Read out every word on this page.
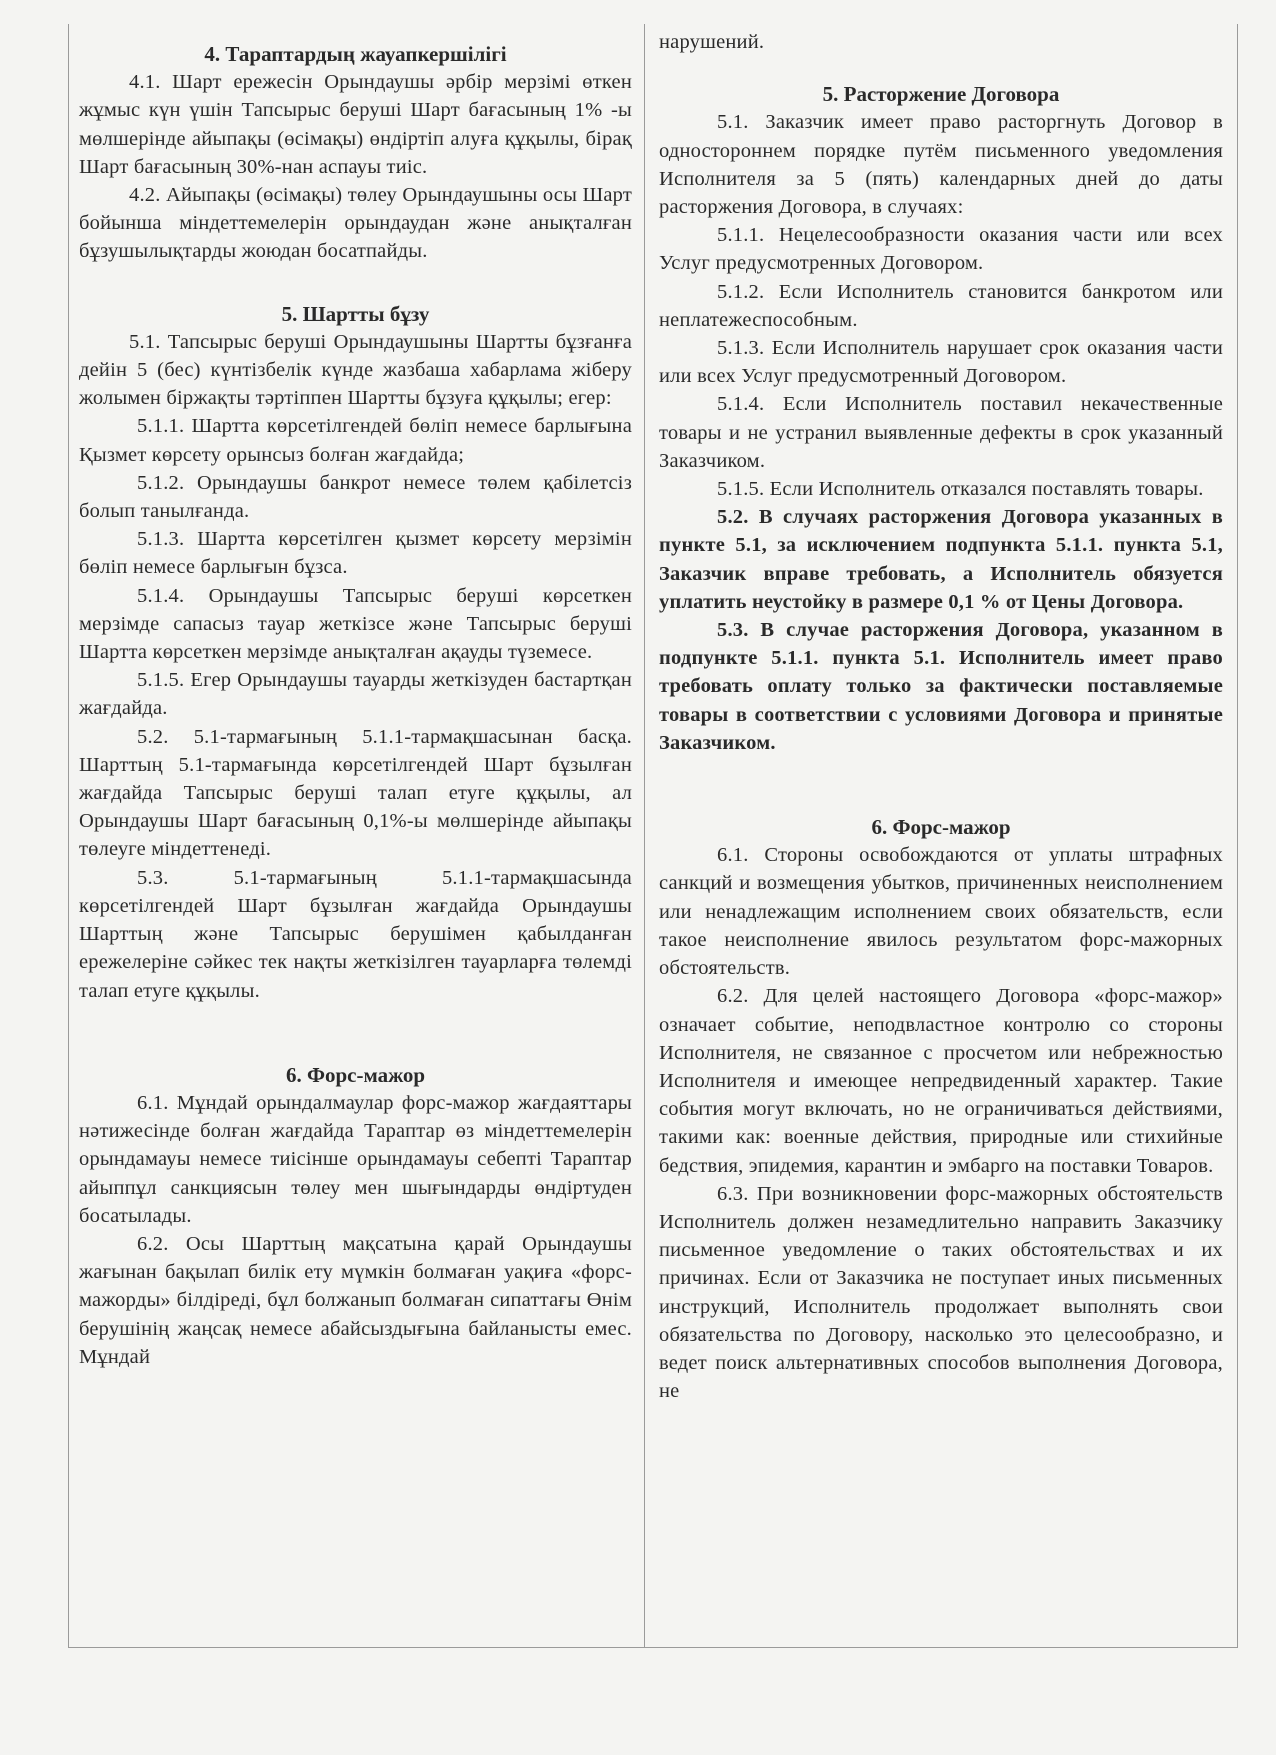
4. Тараптардың жауапкершілігі

4.1. Шарт ережесін Орындаушы әрбір мерзімі өткен жұмыс күн үшін Тапсырыс беруші Шарт бағасының 1% -ы мөлшерінде айыпақы (өсімақы) өндіртіп алуға құқылы, бірақ Шарт бағасының 30%-нан аспауы тиіс.

4.2. Айыпақы (өсімақы) төлеу Орындаушыны осы Шарт бойынша міндеттемелерін орындаудан және анықталған бұзушылықтарды жоюдан босатпайды.

5. Шартты бұзу

5.1. Тапсырыс беруші Орындаушыны Шартты бұзғанға дейін 5 (бес) күнтізбелік күнде жазбаша хабарлама жіберу жолымен біржақты тәртіппен Шартты бұзуға құқылы; егер:

5.1.1. Шартта көрсетілгендей бөліп немесе барлығына Қызмет көрсету орынсыз болған жағдайда;

5.1.2. Орындаушы банкрот немесе төлем қабілетсіз болып танылғанда.

5.1.3. Шартта көрсетілген қызмет көрсету мерзімін бөліп немесе барлығын бұзса.

5.1.4. Орындаушы Тапсырыс беруші көрсеткен мерзімде сапасыз тауар жеткізсе және Тапсырыс беруші Шартта көрсеткен мерзімде анықталған ақауды түземесе.

5.1.5. Егер Орындаушы тауарды жеткізуден бастартқан жағдайда.

5.2. 5.1-тармағының 5.1.1-тармақшасынан басқа. Шарттың 5.1-тармағында көрсетілгендей Шарт бұзылған жағдайда Тапсырыс беруші талап етуге құқылы, ал Орындаушы Шарт бағасының 0,1%-ы мөлшерінде айыпақы төлеуге міндеттенеді.

5.3. 5.1-тармағының 5.1.1-тармақшасында көрсетілгендей Шарт бұзылған жағдайда Орындаушы Шарттың және Тапсырыс берушімен қабылданған ережелеріне сәйкес тек нақты жеткізілген тауарларға төлемді талап етуге құқылы.

6. Форс-мажор

6.1. Мұндай орындалмаулар форс-мажор жағдаяттары нәтижесінде болған жағдайда Тараптар өз міндеттемелерін орындамауы немесе тиісінше орындамауы себепті Тараптар айыппұл санкциясын төлеу мен шығындарды өндіртуден босатылады.

6.2. Осы Шарттың мақсатына қарай Орындаушы жағынан бақылап билік ету мүмкін болмаған уақиға «форс-мажорды» білдіреді, бұл болжанып болмаған сипаттағы Өнім берушінің жаңсақ немесе абайсыздығына байланысты емес. Мұндай

нарушений.

5. Расторжение Договора

5.1. Заказчик имеет право расторгнуть Договор в одностороннем порядке путём письменного уведомления Исполнителя за 5 (пять) календарных дней до даты расторжения Договора, в случаях:

5.1.1. Нецелесообразности оказания части или всех Услуг предусмотренных Договором.

5.1.2. Если Исполнитель становится банкротом или неплатежеспособным.

5.1.3. Если Исполнитель нарушает срок оказания части или всех Услуг предусмотренный Договором.

5.1.4. Если Исполнитель поставил некачественные товары и не устранил выявленные дефекты в срок указанный Заказчиком.

5.1.5. Если Исполнитель отказался поставлять товары.

5.2. В случаях расторжения Договора указанных в пункте 5.1, за исключением подпункта 5.1.1. пункта 5.1, Заказчик вправе требовать, а Исполнитель обязуется уплатить неустойку в размере 0,1 % от Цены Договора.

5.3. В случае расторжения Договора, указанном в подпункте 5.1.1. пункта 5.1. Исполнитель имеет право требовать оплату только за фактически поставляемые товары в соответствии с условиями Договора и принятые Заказчиком.

6. Форс-мажор

6.1. Стороны освобождаются от уплаты штрафных санкций и возмещения убытков, причиненных неисполнением или ненадлежащим исполнением своих обязательств, если такое неисполнение явилось результатом форс-мажорных обстоятельств.

6.2. Для целей настоящего Договора «форс-мажор» означает событие, неподвластное контролю со стороны Исполнителя, не связанное с просчетом или небрежностью Исполнителя и имеющее непредвиденный характер. Такие события могут включать, но не ограничиваться действиями, такими как: военные действия, природные или стихийные бедствия, эпидемия, карантин и эмбарго на поставки Товаров.

6.3. При возникновении форс-мажорных обстоятельств Исполнитель должен незамедлительно направить Заказчику письменное уведомление о таких обстоятельствах и их причинах. Если от Заказчика не поступает иных письменных инструкций, Исполнитель продолжает выполнять свои обязательства по Договору, насколько это целесообразно, и ведет поиск альтернативных способов выполнения Договора, не
